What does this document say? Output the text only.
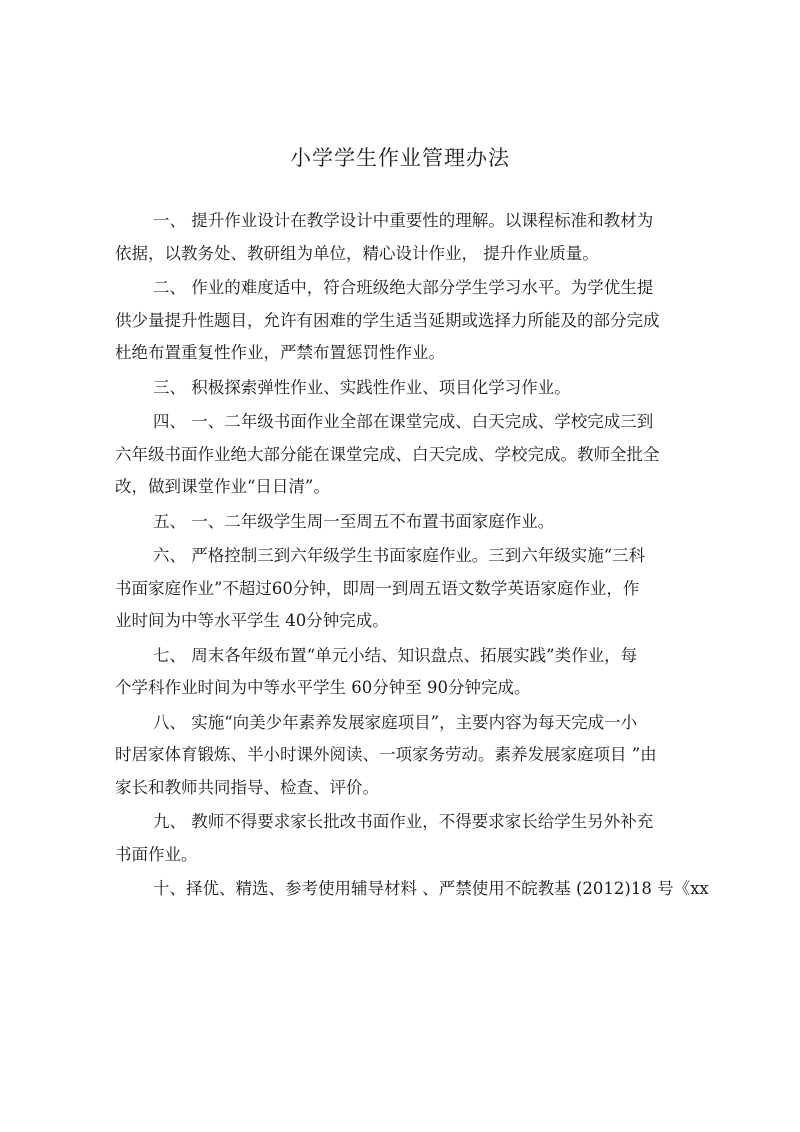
小学学生作业管理办法

一、 提升作业设计在教学设计中重要性的理解。以课程标准和教材为
依据，以教务处、教研组为单位，精心设计作业， 提升作业质量。

二、 作业的难度适中，符合班级绝大部分学生学习水平。为学优生提
供少量提升性题目，允许有困难的学生适当延期或选择力所能及的部分完成
杜绝布置重复性作业，严禁布置惩罚性作业。

三、 积极探索弹性作业、实践性作业、项目化学习作业。

四、 一、二年级书面作业全部在课堂完成、白天完成、学校完成三到
六年级书面作业绝大部分能在课堂完成、白天完成、学校完成。教师全批全
改，做到课堂作业“日日清”。

五、 一、二年级学生周一至周五不布置书面家庭作业。

六、 严格控制三到六年级学生书面家庭作业。三到六年级实施“三科
书面家庭作业”不超过60分钟，即周一到周五语文数学英语家庭作业，作
业时间为中等水平学生 40分钟完成。

七、 周末各年级布置“单元小结、知识盘点、拓展实践”类作业，每
个学科作业时间为中等水平学生 60分钟至 90分钟完成。

八、 实施“向美少年素养发展家庭项目”，主要内容为每天完成一小
时居家体育锻炼、半小时课外阅读、一项家务劳动。素养发展家庭项目 ”由
家长和教师共同指导、检查、评价。

九、 教师不得要求家长批改书面作业，不得要求家长给学生另外补充
书面作业。

十、择优、精选、参考使用辅导材料 、严禁使用不皖教基 (2012)18 号《xx
